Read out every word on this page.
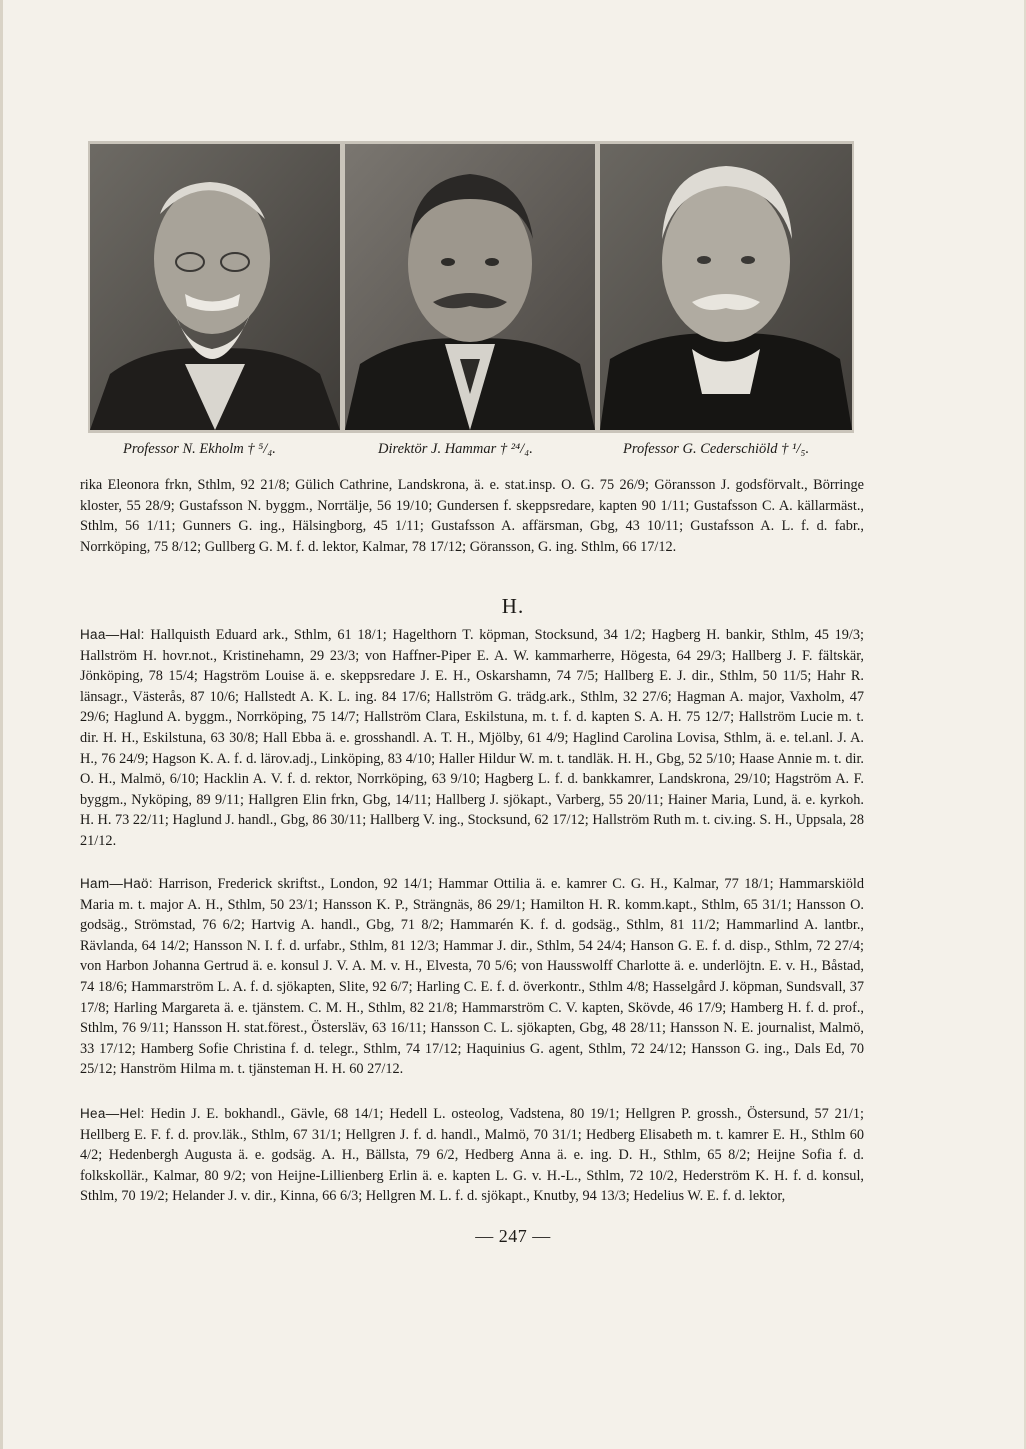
Professor N. Ekholm † ⁵/₄.	Direktör J. Hammar † ²⁴/₄.	Professor G. Cederschiöld † ¹/₅.
rika Eleonora frkn, Sthlm, 92 21/8; Gülich Cathrine, Landskrona, ä. e. stat.insp. O. G. 75 26/9; Göransson J. godsförvalt., Börringe kloster, 55 28/9; Gustafsson N. byggm., Norrtälje, 56 19/10; Gundersen f. skeppsredare, kapten 90 1/11; Gustafsson C. A. källarmäst., Sthlm, 56 1/11; Gunners G. ing., Hälsingborg, 45 1/11; Gustafsson A. affärsman, Gbg, 43 10/11; Gustafsson A. L. f. d. fabr., Norrköping, 75 8/12; Gullberg G. M. f. d. lektor, Kalmar, 78 17/12; Göransson, G. ing. Sthlm, 66 17/12.
H.
Haa—Hal: Hallquisth Eduard ark., Sthlm, 61 18/1; Hagelthorn T. köpman, Stocksund, 34 1/2; Hagberg H. bankir, Sthlm, 45 19/3; Hallström H. hovr.not., Kristinehamn, 29 23/3; von Haffner-Piper E. A. W. kammarherre, Högesta, 64 29/3; Hallberg J. F. fältskär, Jönköping, 78 15/4; Hagström Louise ä. e. skeppsredare J. E. H., Oskarshamn, 74 7/5; Hallberg E. J. dir., Sthlm, 50 11/5; Hahr R. länsagr., Västerås, 87 10/6; Hallstedt A. K. L. ing. 84 17/6; Hallström G. trädg.ark., Sthlm, 32 27/6; Hagman A. major, Vaxholm, 47 29/6; Haglund A. byggm., Norrköping, 75 14/7; Hallström Clara, Eskilstuna, m. t. f. d. kapten S. A. H. 75 12/7; Hallström Lucie m. t. dir. H. H., Eskilstuna, 63 30/8; Hall Ebba ä. e. grosshandl. A. T. H., Mjölby, 61 4/9; Haglind Carolina Lovisa, Sthlm, ä. e. tel.anl. J. A. H., 76 24/9; Hagson K. A. f. d. lärov.adj., Linköping, 83 4/10; Haller Hildur W. m. t. tandläk. H. H., Gbg, 52 5/10; Haase Annie m. t. dir. O. H., Malmö, 6/10; Hacklin A. V. f. d. rektor, Norrköping, 63 9/10; Hagberg L. f. d. bankkamrer, Landskrona, 29/10; Hagström A. F. byggm., Nyköping, 89 9/11; Hallgren Elin frkn, Gbg, 14/11; Hallberg J. sjökapt., Varberg, 55 20/11; Hainer Maria, Lund, ä. e. kyrkoh. H. H. 73 22/11; Haglund J. handl., Gbg, 86 30/11; Hallberg V. ing., Stocksund, 62 17/12; Hallström Ruth m. t. civ.ing. S. H., Uppsala, 28 21/12.
Ham—Haö: Harrison, Frederick skriftst., London, 92 14/1; Hammar Ottilia ä. e. kamrer C. G. H., Kalmar, 77 18/1; Hammarskiöld Maria m. t. major A. H., Sthlm, 50 23/1; Hansson K. P., Strängnäs, 86 29/1; Hamilton H. R. komm.kapt., Sthlm, 65 31/1; Hansson O. godsäg., Strömstad, 76 6/2; Hartvig A. handl., Gbg, 71 8/2; Hammarén K. f. d. godsäg., Sthlm, 81 11/2; Hammarlind A. lantbr., Rävlanda, 64 14/2; Hansson N. I. f. d. urfabr., Sthlm, 81 12/3; Hammar J. dir., Sthlm, 54 24/4; Hanson G. E. f. d. disp., Sthlm, 72 27/4; von Harbon Johanna Gertrud ä. e. konsul J. V. A. M. v. H., Elvesta, 70 5/6; von Hausswolff Charlotte ä. e. underlöjtn. E. v. H., Båstad, 74 18/6; Hammarström L. A. f. d. sjökapten, Slite, 92 6/7; Harling C. E. f. d. överkontr., Sthlm 4/8; Hasselgård J. köpman, Sundsvall, 37 17/8; Harling Margareta ä. e. tjänstem. C. M. H., Sthlm, 82 21/8; Hammarström C. V. kapten, Skövde, 46 17/9; Hamberg H. f. d. prof., Sthlm, 76 9/11; Hansson H. stat.förest., Östersläv, 63 16/11; Hansson C. L. sjökapten, Gbg, 48 28/11; Hansson N. E. journalist, Malmö, 33 17/12; Hamberg Sofie Christina f. d. telegr., Sthlm, 74 17/12; Haquinius G. agent, Sthlm, 72 24/12; Hansson G. ing., Dals Ed, 70 25/12; Hanström Hilma m. t. tjänsteman H. H. 60 27/12.
Hea—Hel: Hedin J. E. bokhandl., Gävle, 68 14/1; Hedell L. osteolog, Vadstena, 80 19/1; Hellgren P. grossh., Östersund, 57 21/1; Hellberg E. F. f. d. prov.läk., Sthlm, 67 31/1; Hellgren J. f. d. handl., Malmö, 70 31/1; Hedberg Elisabeth m. t. kamrer E. H., Sthlm 60 4/2; Hedenbergh Augusta ä. e. godsäg. A. H., Bällsta, 79 6/2, Hedberg Anna ä. e. ing. D. H., Sthlm, 65 8/2; Heijne Sofia f. d. folkskollär., Kalmar, 80 9/2; von Heijne-Lillienberg Erlin ä. e. kapten L. G. v. H.-L., Sthlm, 72 10/2, Hederström K. H. f. d. konsul, Sthlm, 70 19/2; Helander J. v. dir., Kinna, 66 6/3; Hellgren M. L. f. d. sjökapt., Knutby, 94 13/3; Hedelius W. E. f. d. lektor,
— 247 —
